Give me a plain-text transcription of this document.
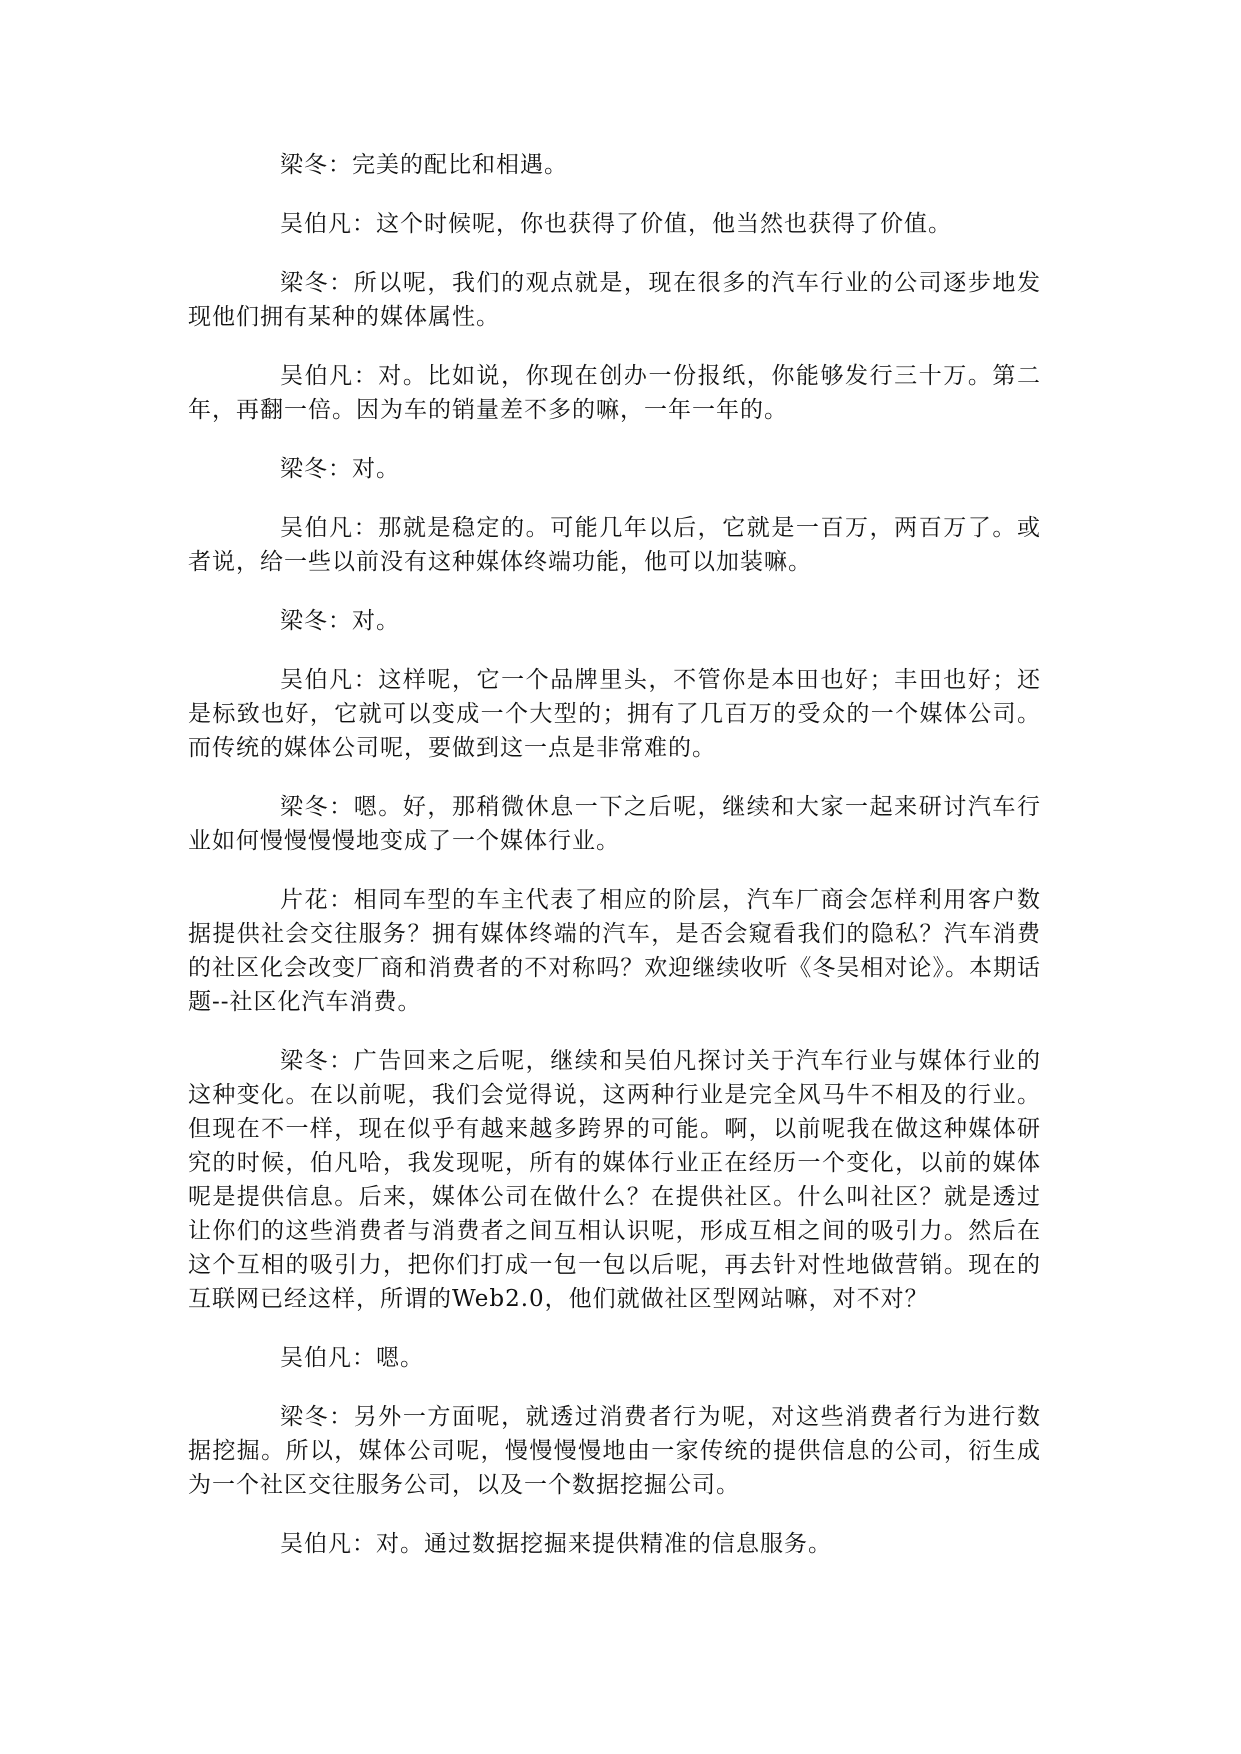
梁冬：完美的配比和相遇。

吴伯凡：这个时候呢，你也获得了价值，他当然也获得了价值。

梁冬：所以呢，我们的观点就是，现在很多的汽车行业的公司逐步地发现他们拥有某种的媒体属性。

吴伯凡：对。比如说，你现在创办一份报纸，你能够发行三十万。第二年，再翻一倍。因为车的销量差不多的嘛，一年一年的。

梁冬：对。

吴伯凡：那就是稳定的。可能几年以后，它就是一百万，两百万了。或者说，给一些以前没有这种媒体终端功能，他可以加装嘛。

梁冬：对。

吴伯凡：这样呢，它一个品牌里头，不管你是本田也好；丰田也好；还是标致也好，它就可以变成一个大型的；拥有了几百万的受众的一个媒体公司。而传统的媒体公司呢，要做到这一点是非常难的。

梁冬：嗯。好，那稍微休息一下之后呢，继续和大家一起来研讨汽车行业如何慢慢慢慢地变成了一个媒体行业。

片花：相同车型的车主代表了相应的阶层，汽车厂商会怎样利用客户数据提供社会交往服务？拥有媒体终端的汽车，是否会窥看我们的隐私？汽车消费的社区化会改变厂商和消费者的不对称吗？欢迎继续收听《冬吴相对论》。本期话题--社区化汽车消费。

梁冬：广告回来之后呢，继续和吴伯凡探讨关于汽车行业与媒体行业的这种变化。在以前呢，我们会觉得说，这两种行业是完全风马牛不相及的行业。但现在不一样，现在似乎有越来越多跨界的可能。啊，以前呢我在做这种媒体研究的时候，伯凡哈，我发现呢，所有的媒体行业正在经历一个变化，以前的媒体呢是提供信息。后来，媒体公司在做什么？在提供社区。什么叫社区？就是透过让你们的这些消费者与消费者之间互相认识呢，形成互相之间的吸引力。然后在这个互相的吸引力，把你们打成一包一包以后呢，再去针对性地做营销。现在的互联网已经这样，所谓的Web2.0，他们就做社区型网站嘛，对不对？

吴伯凡：嗯。

梁冬：另外一方面呢，就透过消费者行为呢，对这些消费者行为进行数据挖掘。所以，媒体公司呢，慢慢慢慢地由一家传统的提供信息的公司，衍生成为一个社区交往服务公司，以及一个数据挖掘公司。

吴伯凡：对。通过数据挖掘来提供精准的信息服务。
